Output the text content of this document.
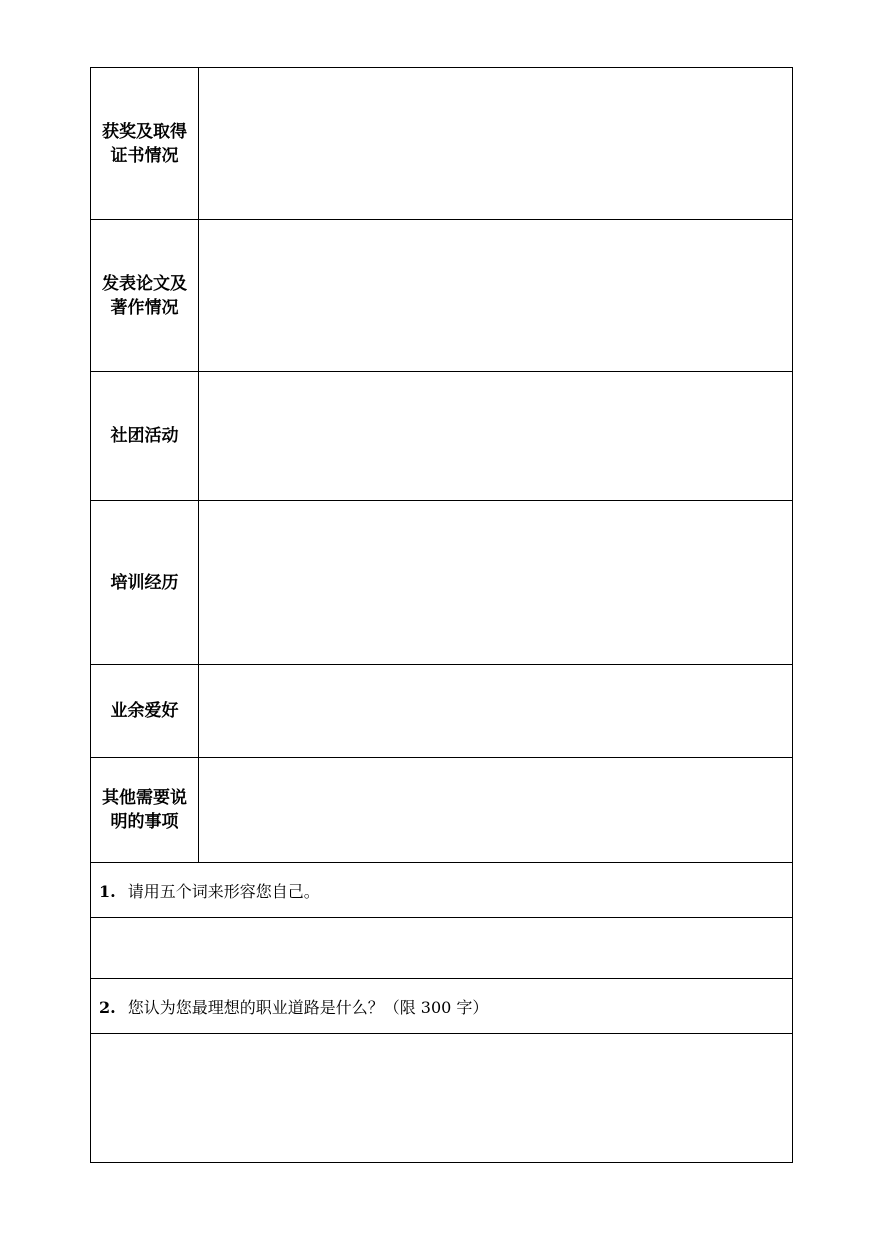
获奖及取得证书情况	
发表论文及著作情况	
社团活动	
培训经历	
业余爱好	
其他需要说明的事项	
1. 请用五个词来形容您自己。	

2. 您认为您最理想的职业道路是什么？（限 300 字）	
